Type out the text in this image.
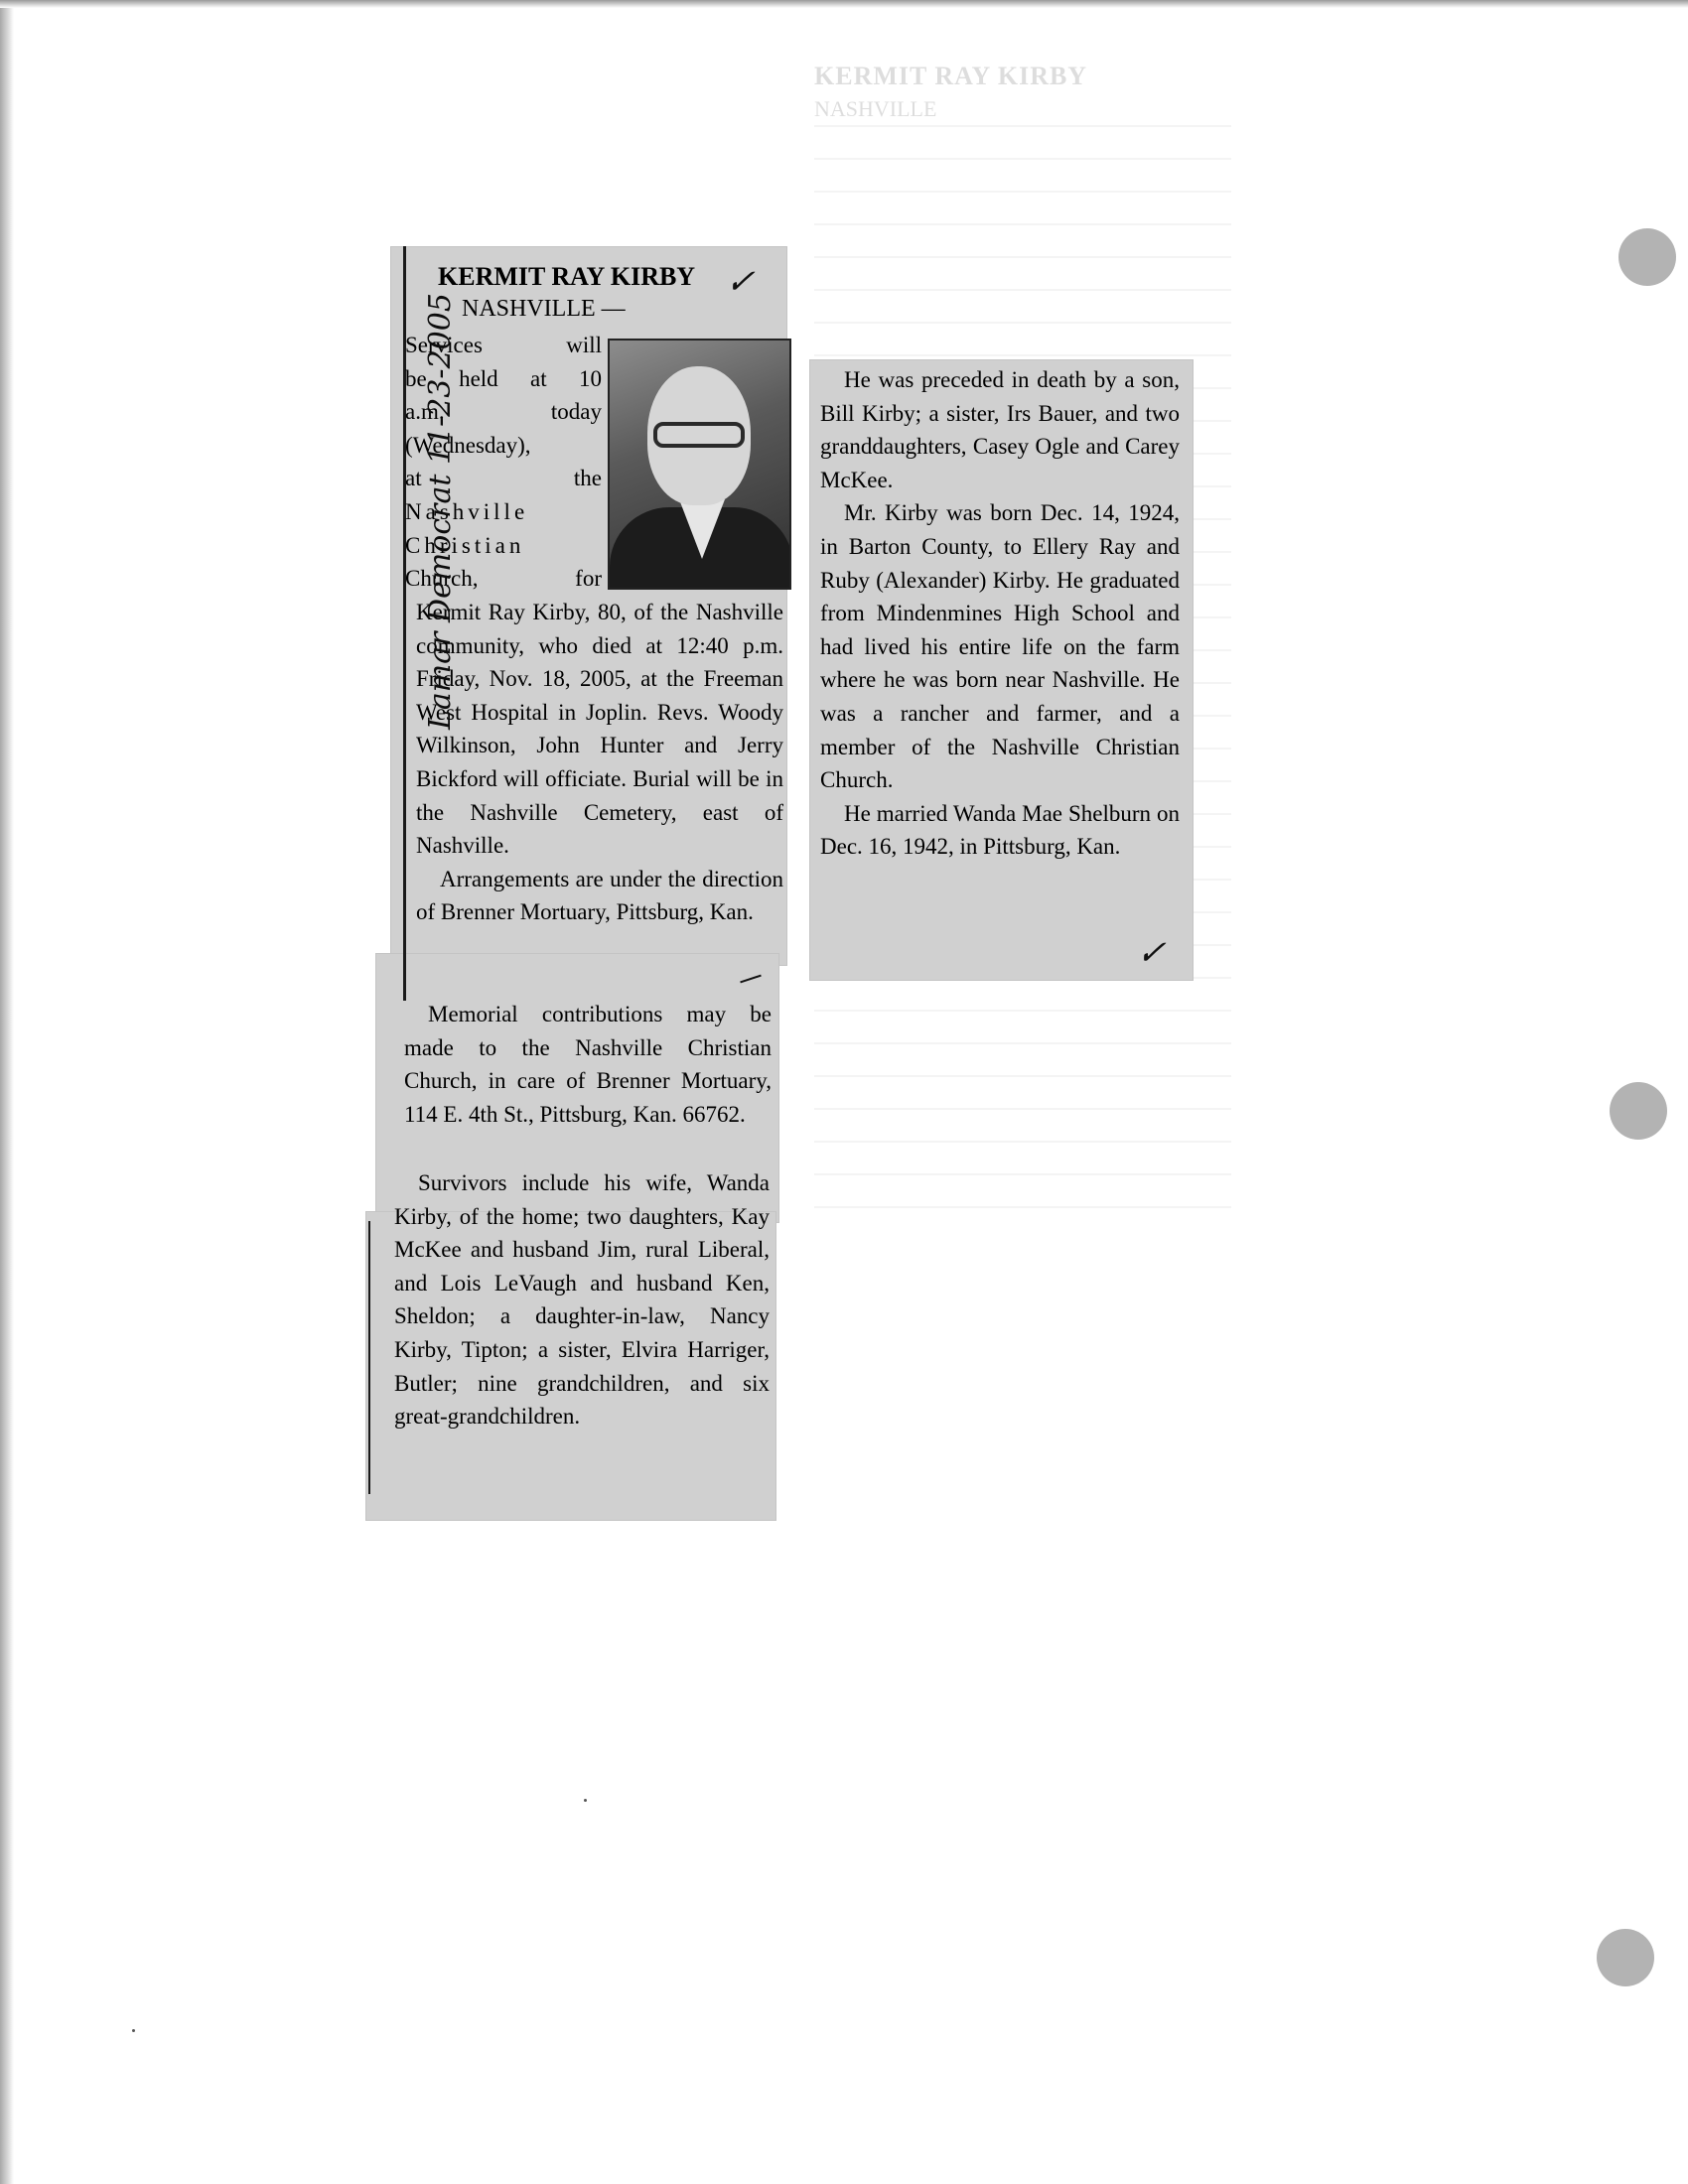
KERMIT RAY KIRBY
NASHVILLE
KERMIT RAY KIRBY ✓
NASHVILLE —
Services will
be held at 10
a.m. today
(Wednesday),
at the
Nashville
Christian
Church, for

Kermit Ray Kirby, 80, of the Nashville community, who died at 12:40 p.m. Friday, Nov. 18, 2005, at the Freeman West Hospital in Joplin. Revs. Woody Wilkinson, John Hunter and Jerry Bickford will officiate. Burial will be in the Nashville Cemetery, east of Nashville.

Arrangements are under the direction of Brenner Mortuary, Pittsburg, Kan.

Memorial contributions may be made to the Nashville Christian Church, in care of Brenner Mortuary, 114 E. 4th St., Pittsburg, Kan. 66762.

Survivors include his wife, Wanda Kirby, of the home; two daughters, Kay McKee and husband Jim, rural Liberal, and Lois LeVaugh and husband Ken, Sheldon; a daughter-in-law, Nancy Kirby, Tipton; a sister, Elvira Harriger, Butler; nine grandchildren, and six great-grandchildren.

He was preceded in death by a son, Bill Kirby; a sister, Irs Bauer, and two granddaughters, Casey Ogle and Carey McKee.

Mr. Kirby was born Dec. 14, 1924, in Barton County, to Ellery Ray and Ruby (Alexander) Kirby. He graduated from Mindenmines High School and had lived his entire life on the farm where he was born near Nashville. He was a rancher and farmer, and a member of the Nashville Christian Church.

He married Wanda Mae Shelburn on Dec. 16, 1942, in Pittsburg, Kan.

✓
Lamar Democrat 11-23-2005
